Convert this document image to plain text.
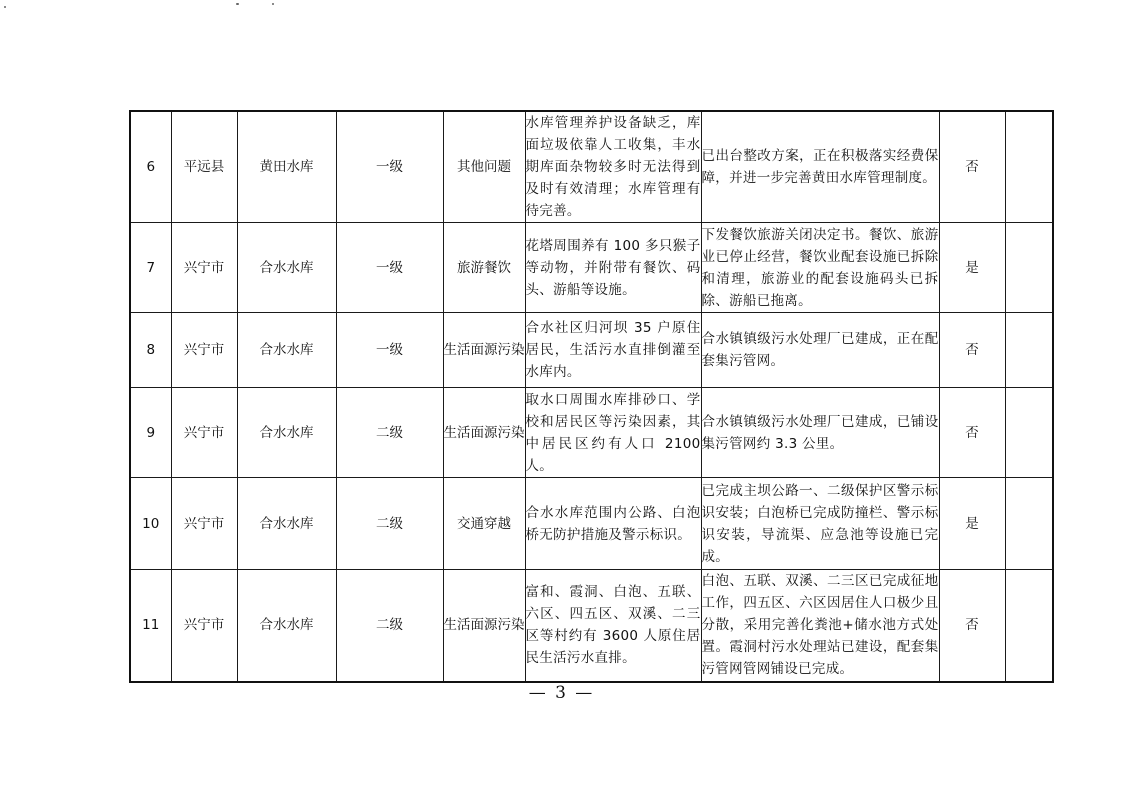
6	平远县	黄田水库	一级	其他问题	水库管理养护设备缺乏，库面垃圾依靠人工收集，丰水期库面杂物较多时无法得到及时有效清理；水库管理有待完善。	已出台整改方案，正在积极落实经费保障，并进一步完善黄田水库管理制度。	否	
7	兴宁市	合水水库	一级	旅游餐饮	花塔周围养有 100 多只猴子等动物，并附带有餐饮、码头、游船等设施。	下发餐饮旅游关闭决定书。餐饮、旅游业已停止经营，餐饮业配套设施已拆除和清理，旅游业的配套设施码头已拆除、游船已拖离。	是	
8	兴宁市	合水水库	一级	生活面源污染	合水社区归河坝 35 户原住居民，生活污水直排倒灌至水库内。	合水镇镇级污水处理厂已建成，正在配套集污管网。	否	
9	兴宁市	合水水库	二级	生活面源污染	取水口周围水库排砂口、学校和居民区等污染因素，其中居民区约有人口 2100 人。	合水镇镇级污水处理厂已建成，已铺设集污管网约 3.3 公里。	否	
10	兴宁市	合水水库	二级	交通穿越	合水水库范围内公路、白泡桥无防护措施及警示标识。	已完成主坝公路一、二级保护区警示标识安装；白泡桥已完成防撞栏、警示标识安装，导流渠、应急池等设施已完成。	是	
11	兴宁市	合水水库	二级	生活面源污染	富和、霞洞、白泡、五联、六区、四五区、双溪、二三区等村约有 3600 人原住居民生活污水直排。	白泡、五联、双溪、二三区已完成征地工作，四五区、六区因居住人口极少且分散，采用完善化粪池+储水池方式处置。霞洞村污水处理站已建设，配套集污管网管网铺设已完成。	否	
— 3 —
